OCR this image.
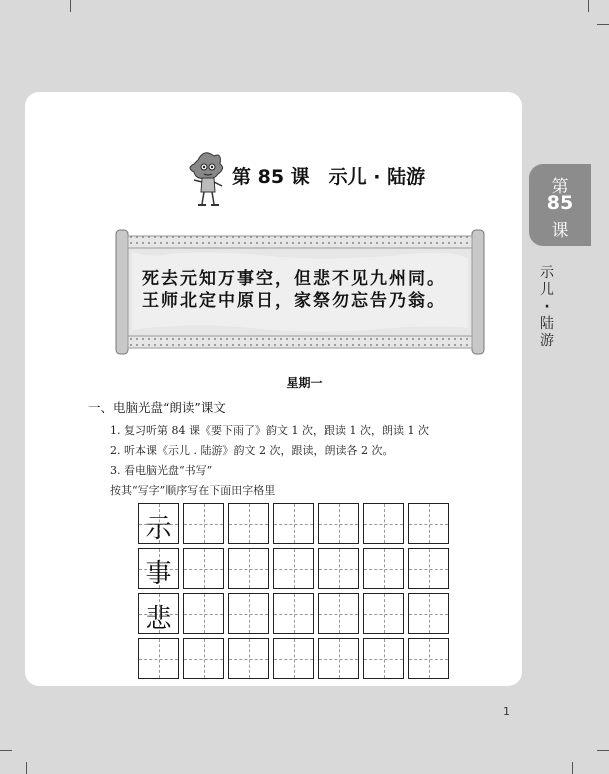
第
85
课
示
儿
·
陆
游
第 85 课　示儿 · 陆游
死去元知万事空，但悲不见九州同。
王师北定中原日，家祭勿忘告乃翁。
星期一
一、电脑光盘“朗读”课文
1. 复习听第 84 课《要下雨了》韵文 1 次，跟读 1 次，朗读 1 次
2. 听本课《示儿 . 陆游》韵文 2 次，跟读，朗读各 2 次。
3. 看电脑光盘“书写”
按其“写字”顺序写在下面田字格里
示
事
悲
1
